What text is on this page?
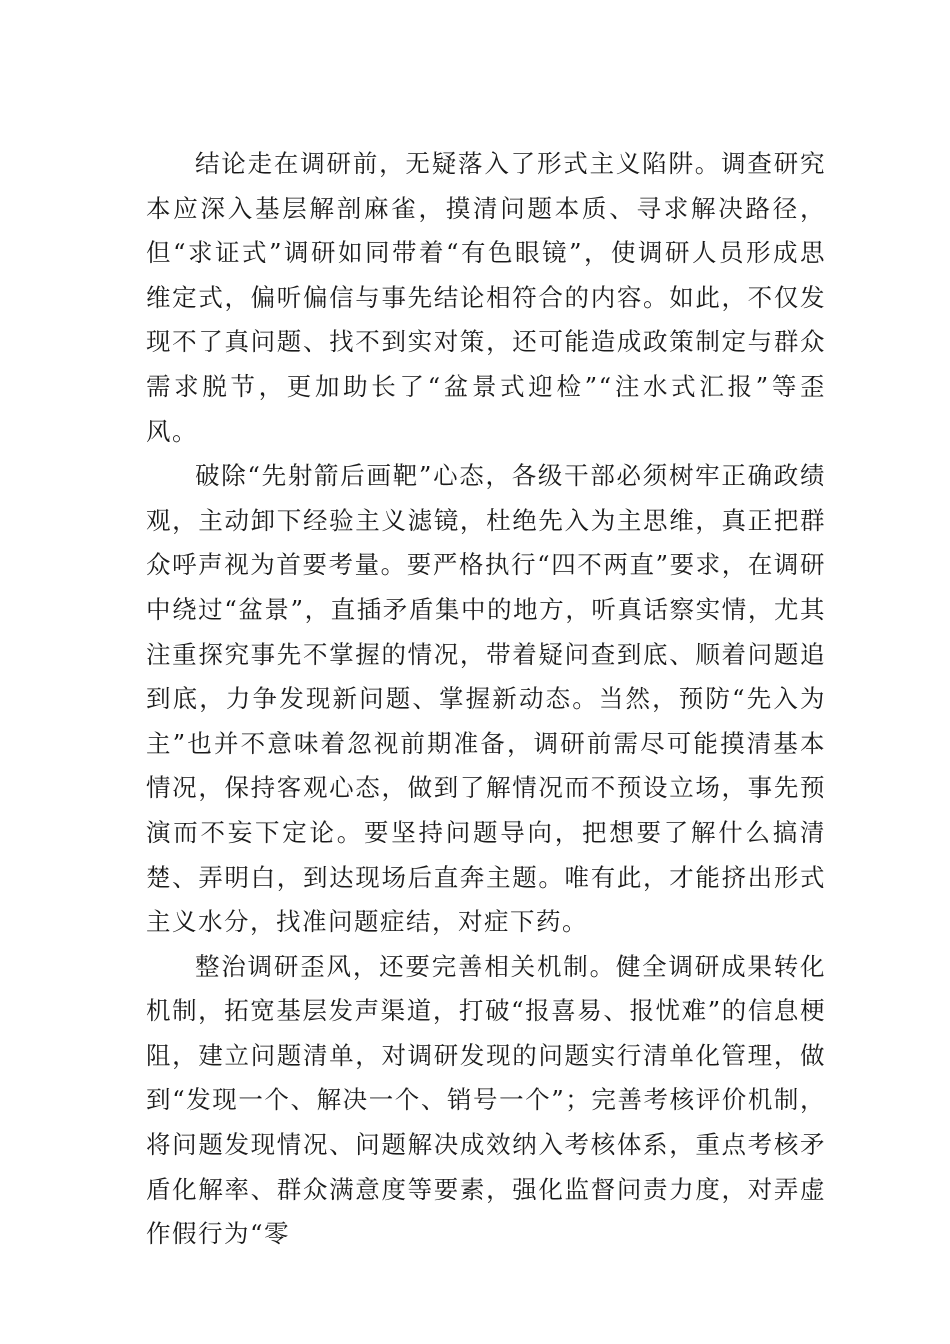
结论走在调研前，无疑落入了形式主义陷阱。调查研究本应深入基层解剖麻雀，摸清问题本质、寻求解决路径，但“求证式”调研如同带着“有色眼镜”，使调研人员形成思维定式，偏听偏信与事先结论相符合的内容。如此，不仅发现不了真问题、找不到实对策，还可能造成政策制定与群众需求脱节，更加助长了“盆景式迎检”“注水式汇报”等歪风。

破除“先射箭后画靶”心态，各级干部必须树牢正确政绩观，主动卸下经验主义滤镜，杜绝先入为主思维，真正把群众呼声视为首要考量。要严格执行“四不两直”要求，在调研中绕过“盆景”，直插矛盾集中的地方，听真话察实情，尤其注重探究事先不掌握的情况，带着疑问查到底、顺着问题追到底，力争发现新问题、掌握新动态。当然，预防“先入为主”也并不意味着忽视前期准备，调研前需尽可能摸清基本情况，保持客观心态，做到了解情况而不预设立场，事先预演而不妄下定论。要坚持问题导向，把想要了解什么搞清楚、弄明白，到达现场后直奔主题。唯有此，才能挤出形式主义水分，找准问题症结，对症下药。

整治调研歪风，还要完善相关机制。健全调研成果转化机制，拓宽基层发声渠道，打破“报喜易、报忧难”的信息梗阻，建立问题清单，对调研发现的问题实行清单化管理，做到“发现一个、解决一个、销号一个”；完善考核评价机制，将问题发现情况、问题解决成效纳入考核体系，重点考核矛盾化解率、群众满意度等要素，强化监督问责力度，对弄虚作假行为“零
